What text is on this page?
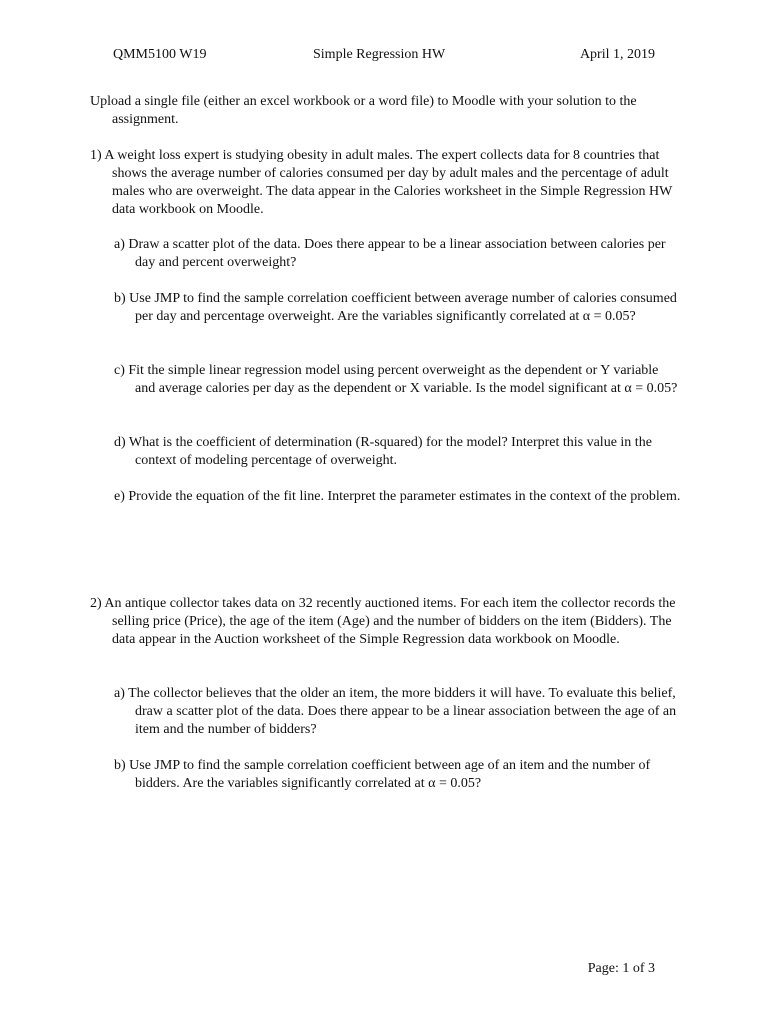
QMM5100 W19	Simple Regression HW	April 1, 2019

Upload a single file (either an excel workbook or a word file) to Moodle with your solution to the assignment.

1) A weight loss expert is studying obesity in adult males. The expert collects data for 8 countries that shows the average number of calories consumed per day by adult males and the percentage of adult males who are overweight. The data appear in the Calories worksheet in the Simple Regression HW data workbook on Moodle.

a) Draw a scatter plot of the data. Does there appear to be a linear association between calories per day and percent overweight?

b) Use JMP to find the sample correlation coefficient between average number of calories consumed per day and percentage overweight. Are the variables significantly correlated at α = 0.05?

c) Fit the simple linear regression model using percent overweight as the dependent or Y variable and average calories per day as the dependent or X variable. Is the model significant at α = 0.05?

d) What is the coefficient of determination (R-squared) for the model? Interpret this value in the context of modeling percentage of overweight.

e) Provide the equation of the fit line. Interpret the parameter estimates in the context of the problem.

2) An antique collector takes data on 32 recently auctioned items. For each item the collector records the selling price (Price), the age of the item (Age) and the number of bidders on the item (Bidders). The data appear in the Auction worksheet of the Simple Regression data workbook on Moodle.

a) The collector believes that the older an item, the more bidders it will have. To evaluate this belief, draw a scatter plot of the data. Does there appear to be a linear association between the age of an item and the number of bidders?

b) Use JMP to find the sample correlation coefficient between age of an item and the number of bidders. Are the variables significantly correlated at α = 0.05?

Page: 1 of 3
